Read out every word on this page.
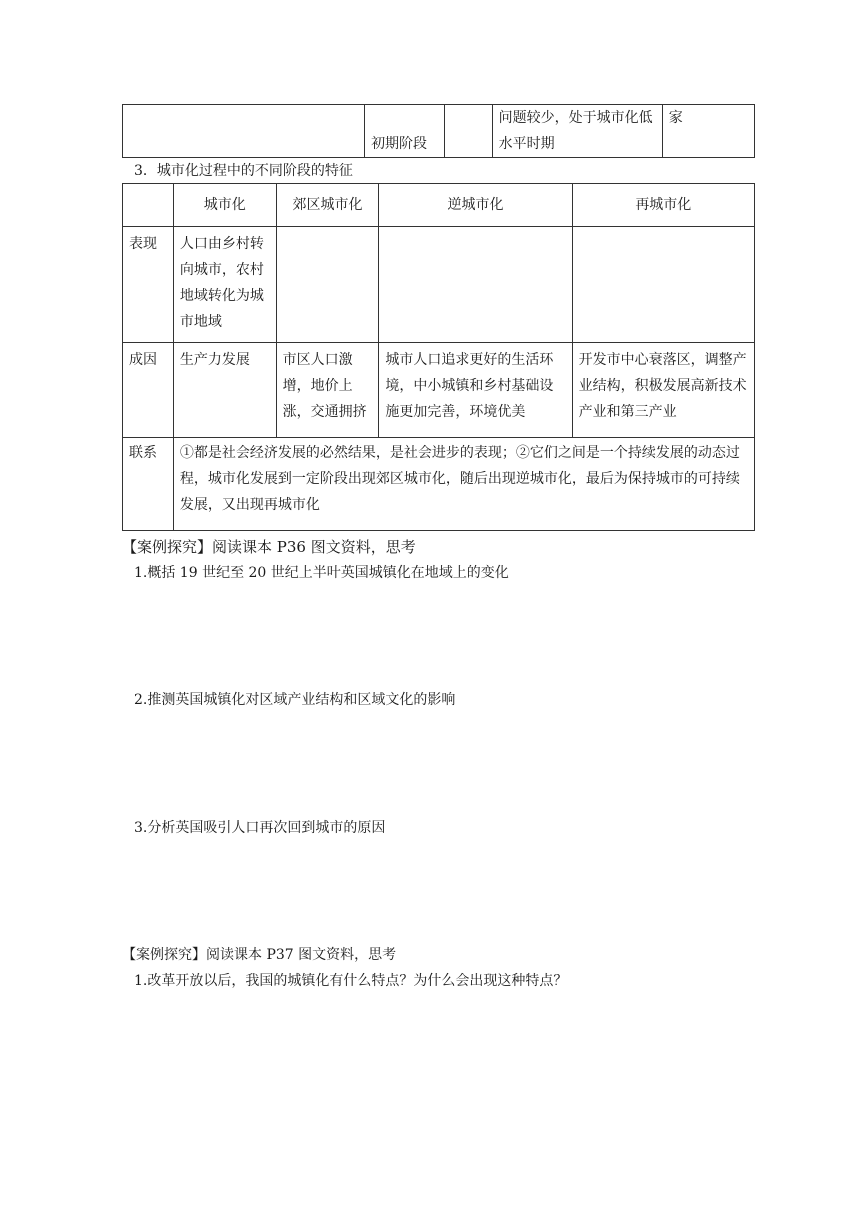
	初期阶段		问题较少，处于城市化低水平时期	家
3．城市化过程中的不同阶段的特征
	城市化	郊区城市化	逆城市化	再城市化
表现	人口由乡村转向城市，农村地域转化为城市地域			
成因	生产力发展	市区人口激增，地价上涨，交通拥挤	城市人口追求更好的生活环境，中小城镇和乡村基础设施更加完善，环境优美	开发市中心衰落区，调整产业结构，积极发展高新技术产业和第三产业
联系	①都是社会经济发展的必然结果，是社会进步的表现；②它们之间是一个持续发展的动态过程，城市化发展到一定阶段出现郊区城市化，随后出现逆城市化，最后为保持城市的可持续发展，又出现再城市化			
【案例探究】阅读课本 P36 图文资料，思考
1.概括 19 世纪至 20 世纪上半叶英国城镇化在地域上的变化
2.推测英国城镇化对区域产业结构和区域文化的影响
3.分析英国吸引人口再次回到城市的原因
【案例探究】阅读课本 P37 图文资料，思考
1.改革开放以后，我国的城镇化有什么特点？为什么会出现这种特点？
